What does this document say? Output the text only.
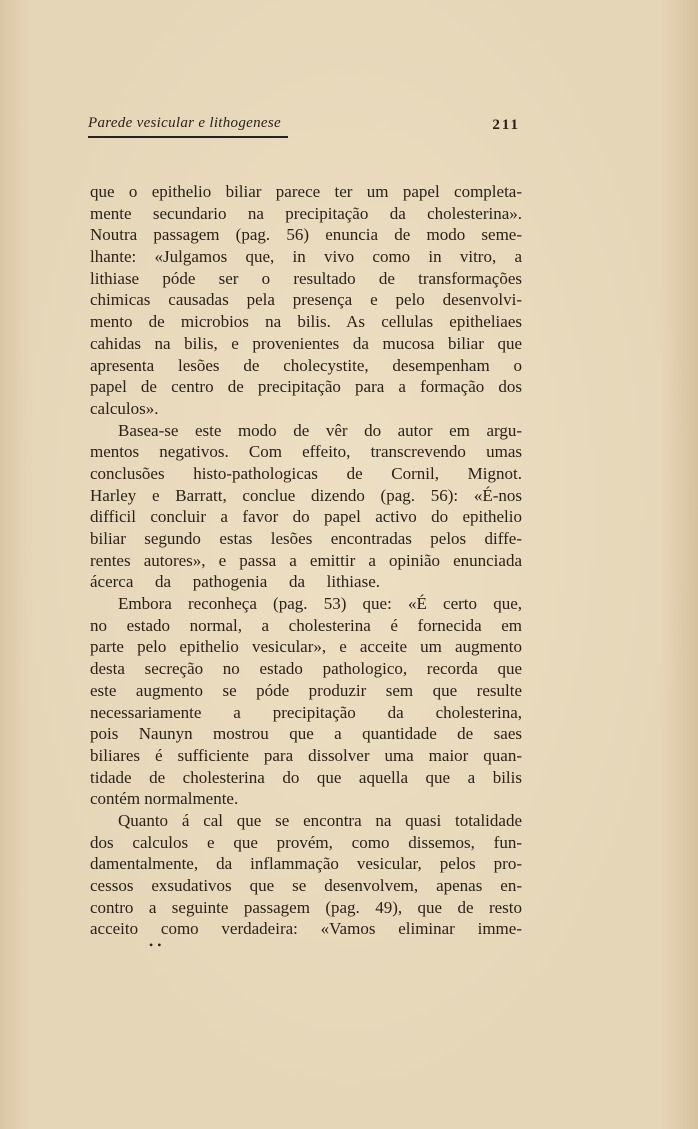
Parede vesicular e lithogenese	211
que o epithelio biliar parece ter um papel completa-
mente secundario na precipitação da cholesterina».
Noutra passagem (pag. 56) enuncia de modo seme-
lhante: «Julgamos que, in vivo como in vitro, a
lithiase póde ser o resultado de transformações
chimicas causadas pela presença e pelo desenvolvi-
mento de microbios na bilis. As cellulas epitheliaes
cahidas na bilis, e provenientes da mucosa biliar que
apresenta lesões de cholecystite, desempenham o
papel de centro de precipitação para a formação dos
calculos».
Basea-se este modo de vêr do autor em argu-
mentos negativos. Com effeito, transcrevendo umas
conclusões histo-pathologicas de Cornil, Mignot.
Harley e Barratt, conclue dizendo (pag. 56): «É-nos
difficil concluir a favor do papel activo do epithelio
biliar segundo estas lesões encontradas pelos diffe-
rentes autores», e passa a emittir a opinião enunciada
ácerca da pathogenia da lithiase.
Embora reconheça (pag. 53) que: «É certo que,
no estado normal, a cholesterina é fornecida em
parte pelo epithelio vesicular», e acceite um augmento
desta secreção no estado pathologico, recorda que
este augmento se póde produzir sem que resulte
necessariamente a precipitação da cholesterina,
pois Naunyn mostrou que a quantidade de saes
biliares é sufficiente para dissolver uma maior quan-
tidade de cholesterina do que aquella que a bilis
contém normalmente.
Quanto á cal que se encontra na quasi totalidade
dos calculos e que provém, como dissemos, fun-
damentalmente, da inflammação vesicular, pelos pro-
cessos exsudativos que se desenvolvem, apenas en-
contro a seguinte passagem (pag. 49), que de resto
acceito como verdadeira: «Vamos eliminar imme-
••
